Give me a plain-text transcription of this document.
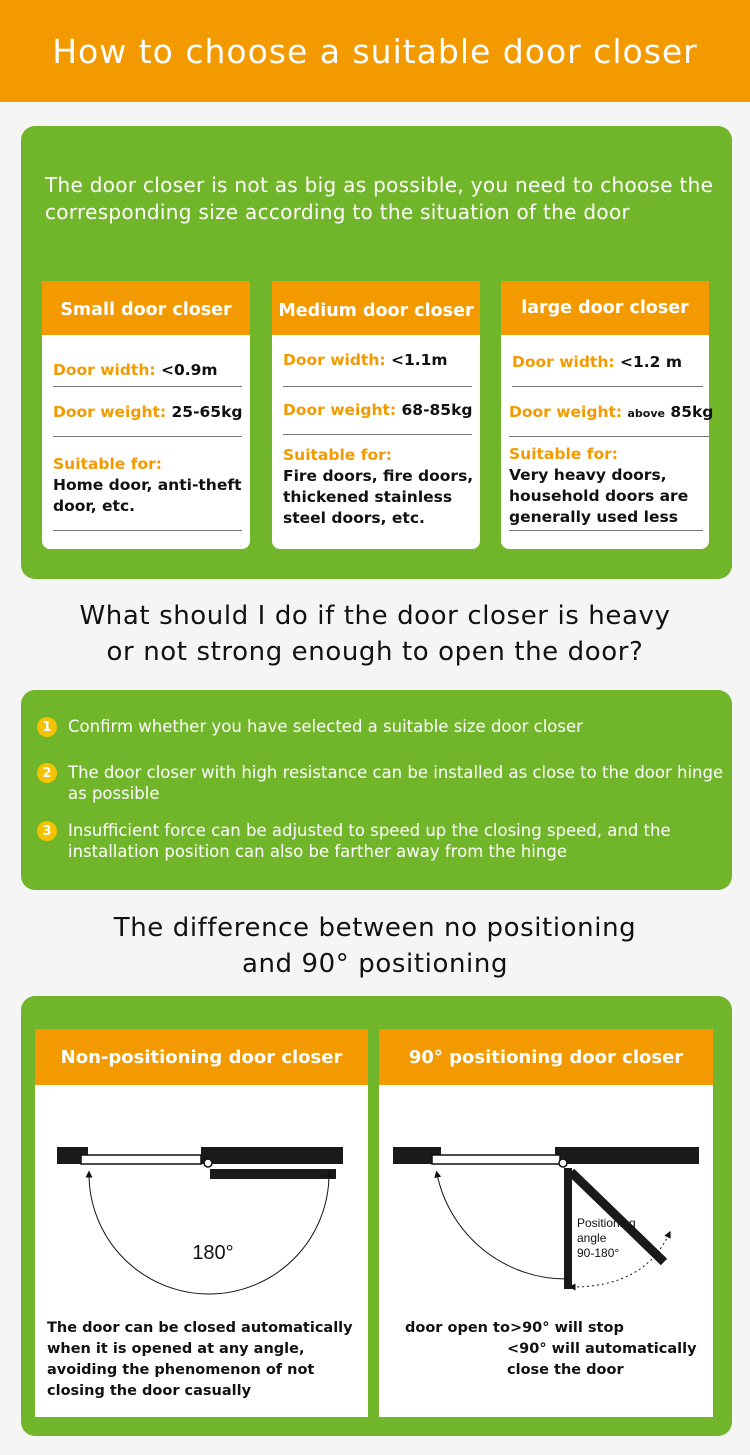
How to choose a suitable door closer
The door closer is not as big as possible, you need to choose the corresponding size according to the situation of the door
Small door closer
Door width: <0.9m
Door weight: 25-65kg
Suitable for:
Home door, anti-theft door, etc.
Medium door closer
Door width: <1.1m
Door weight: 68-85kg
Suitable for:
Fire doors, fire doors, thickened stainless steel doors, etc.
large door closer
Door width: <1.2 m
Door weight: above 85kg
Suitable for:
Very heavy doors, household doors are generally used less
What should I do if the door closer is heavy
or not strong enough to open the door?
1 Confirm whether you have selected a suitable size door closer
2 The door closer with high resistance can be installed as close to the door hinge as possible
3 Insufficient force can be adjusted to speed up the closing speed, and the installation position can also be farther away from the hinge
The difference between no positioning
and 90° positioning
Non-positioning door closer
180°
The door can be closed automatically when it is opened at any angle, avoiding the phenomenon of not closing the door casually
90° positioning door closer
Positioning
angle
90-180°
door open to>90° will stop
<90° will automatically
close the door
